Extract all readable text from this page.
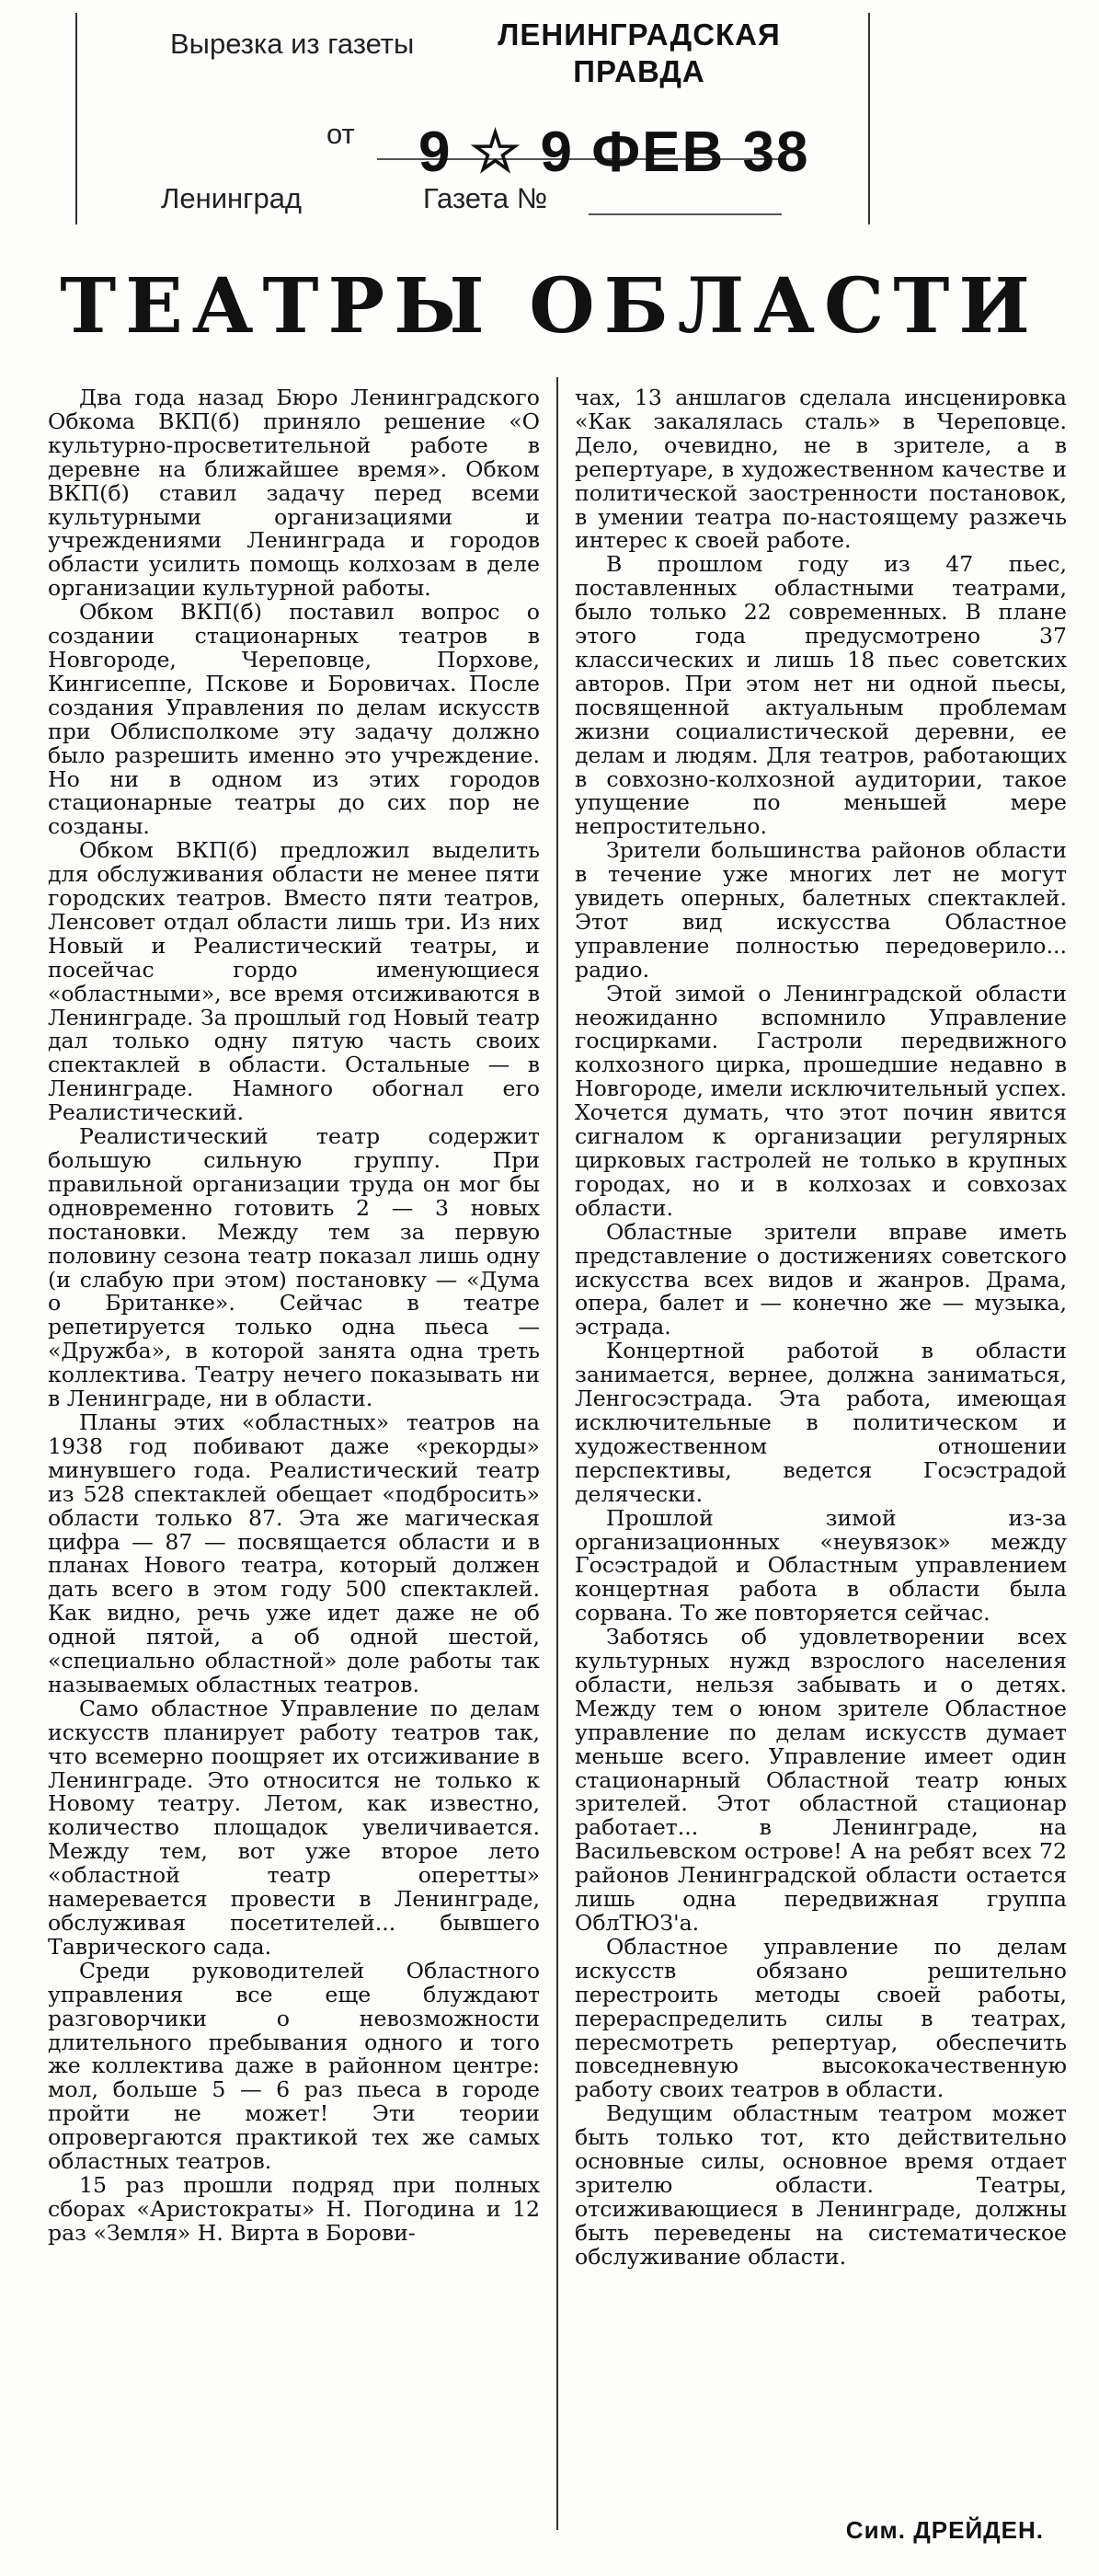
Вырезка из газеты	ЛЕНИНГРАДСКАЯ ПРАВДА
от 9 ☆ 9 ФEВ 38
Ленинград	Газета №
ТЕАТРЫ ОБЛАСТИ

Два года назад Бюро Ленинградского Обкома ВКП(б) приняло решение «О культурно-просветительной работе в деревне на ближайшее время». Обком ВКП(б) ставил задачу перед всеми культурными организациями и учреждениями Ленинграда и городов области усилить помощь колхозам в деле организации культурной работы.

Обком ВКП(б) поставил вопрос о создании стационарных театров в Новгороде, Череповце, Порхове, Кингисеппе, Пскове и Боровичах. После создания Управления по делам искусств при Облисполкоме эту задачу должно было разрешить именно это учреждение. Но ни в одном из этих городов стационарные театры до сих пор не созданы.

Обком ВКП(б) предложил выделить для обслуживания области не менее пяти городских театров. Вместо пяти театров, Ленсовет отдал области лишь три. Из них Новый и Реалистический театры, и посейчас гордо именующиеся «областными», все время отсиживаются в Ленинграде. За прошлый год Новый театр дал только одну пятую часть своих спектаклей в области. Остальные — в Ленинграде. Намного обогнал его Реалистический.

Реалистический театр содержит большую сильную группу. При правильной организации труда он мог бы одновременно готовить 2 — 3 новых постановки. Между тем за первую половину сезона театр показал лишь одну (и слабую при этом) постановку — «Дума о Британке». Сейчас в театре репетируется только одна пьеса — «Дружба», в которой занята одна треть коллектива. Театру нечего показывать ни в Ленинграде, ни в области.

Планы этих «областных» театров на 1938 год побивают даже «рекорды» минувшего года. Реалистический театр из 528 спектаклей обещает «подбросить» области только 87. Эта же магическая цифра — 87 — посвящается области и в планах Нового театра, который должен дать всего в этом году 500 спектаклей. Как видно, речь уже идет даже не об одной пятой, а об одной шестой, «специально областной» доле работы так называемых областных театров.

Само областное Управление по делам искусств планирует работу театров так, что всемерно поощряет их отсиживание в Ленинграде. Это относится не только к Новому театру. Летом, как известно, количество площадок увеличивается. Между тем, вот уже второе лето «областной театр оперетты» намеревается провести в Ленинграде, обслуживая посетителей... бывшего Таврического сада.

Среди руководителей Областного управления все еще блуждают разговорчики о невозможности длительного пребывания одного и того же коллектива даже в районном центре: мол, больше 5 — 6 раз пьеса в городе пройти не может! Эти теории опровергаются практикой тех же самых областных театров.

15 раз прошли подряд при полных сборах «Аристократы» Н. Погодина и 12 раз «Земля» Н. Вирта в Борови-

чах, 13 аншлагов сделала инсценировка «Как закалялась сталь» в Череповце. Дело, очевидно, не в зрителе, а в репертуаре, в художественном качестве и политической заостренности постановок, в умении театра по-настоящему разжечь интерес к своей работе.

В прошлом году из 47 пьес, поставленных областными театрами, было только 22 современных. В плане этого года предусмотрено 37 классических и лишь 18 пьес советских авторов. При этом нет ни одной пьесы, посвященной актуальным проблемам жизни социалистической деревни, ее делам и людям. Для театров, работающих в совхозно-колхозной аудитории, такое упущение по меньшей мере непростительно.

Зрители большинства районов области в течение уже многих лет не могут увидеть оперных, балетных спектаклей. Этот вид искусства Областное управление полностью передоверило... радио.

Этой зимой о Ленинградской области неожиданно вспомнило Управление госцирками. Гастроли передвижного колхозного цирка, прошедшие недавно в Новгороде, имели исключительный успех. Хочется думать, что этот почин явится сигналом к организации регулярных цирковых гастролей не только в крупных городах, но и в колхозах и совхозах области.

Областные зрители вправе иметь представление о достижениях советского искусства всех видов и жанров. Драма, опера, балет и — конечно же — музыка, эстрада.

Концертной работой в области занимается, вернее, должна заниматься, Ленгосэстрада. Эта работа, имеющая исключительные в политическом и художественном отношении перспективы, ведется Госэстрадой делячески.

Прошлой зимой из-за организационных «неувязок» между Госэстрадой и Областным управлением концертная работа в области была сорвана. То же повторяется сейчас.

Заботясь об удовлетворении всех культурных нужд взрослого населения области, нельзя забывать и о детях. Между тем о юном зрителе Областное управление по делам искусств думает меньше всего. Управление имеет один стационарный Областной театр юных зрителей. Этот областной стационар работает... в Ленинграде, на Васильевском острове! А на ребят всех 72 районов Ленинградской области остается лишь одна передвижная группа ОблТЮЗ'а.

Областное управление по делам искусств обязано решительно перестроить методы своей работы, перераспределить силы в театрах, пересмотреть репертуар, обеспечить повседневную высококачественную работу своих театров в области.

Ведущим областным театром может быть только тот, кто действительно основные силы, основное время отдает зрителю области. Театры, отсиживающиеся в Ленинграде, должны быть переведены на систематическое обслуживание области.

Сим. ДРЕЙДЕН.
